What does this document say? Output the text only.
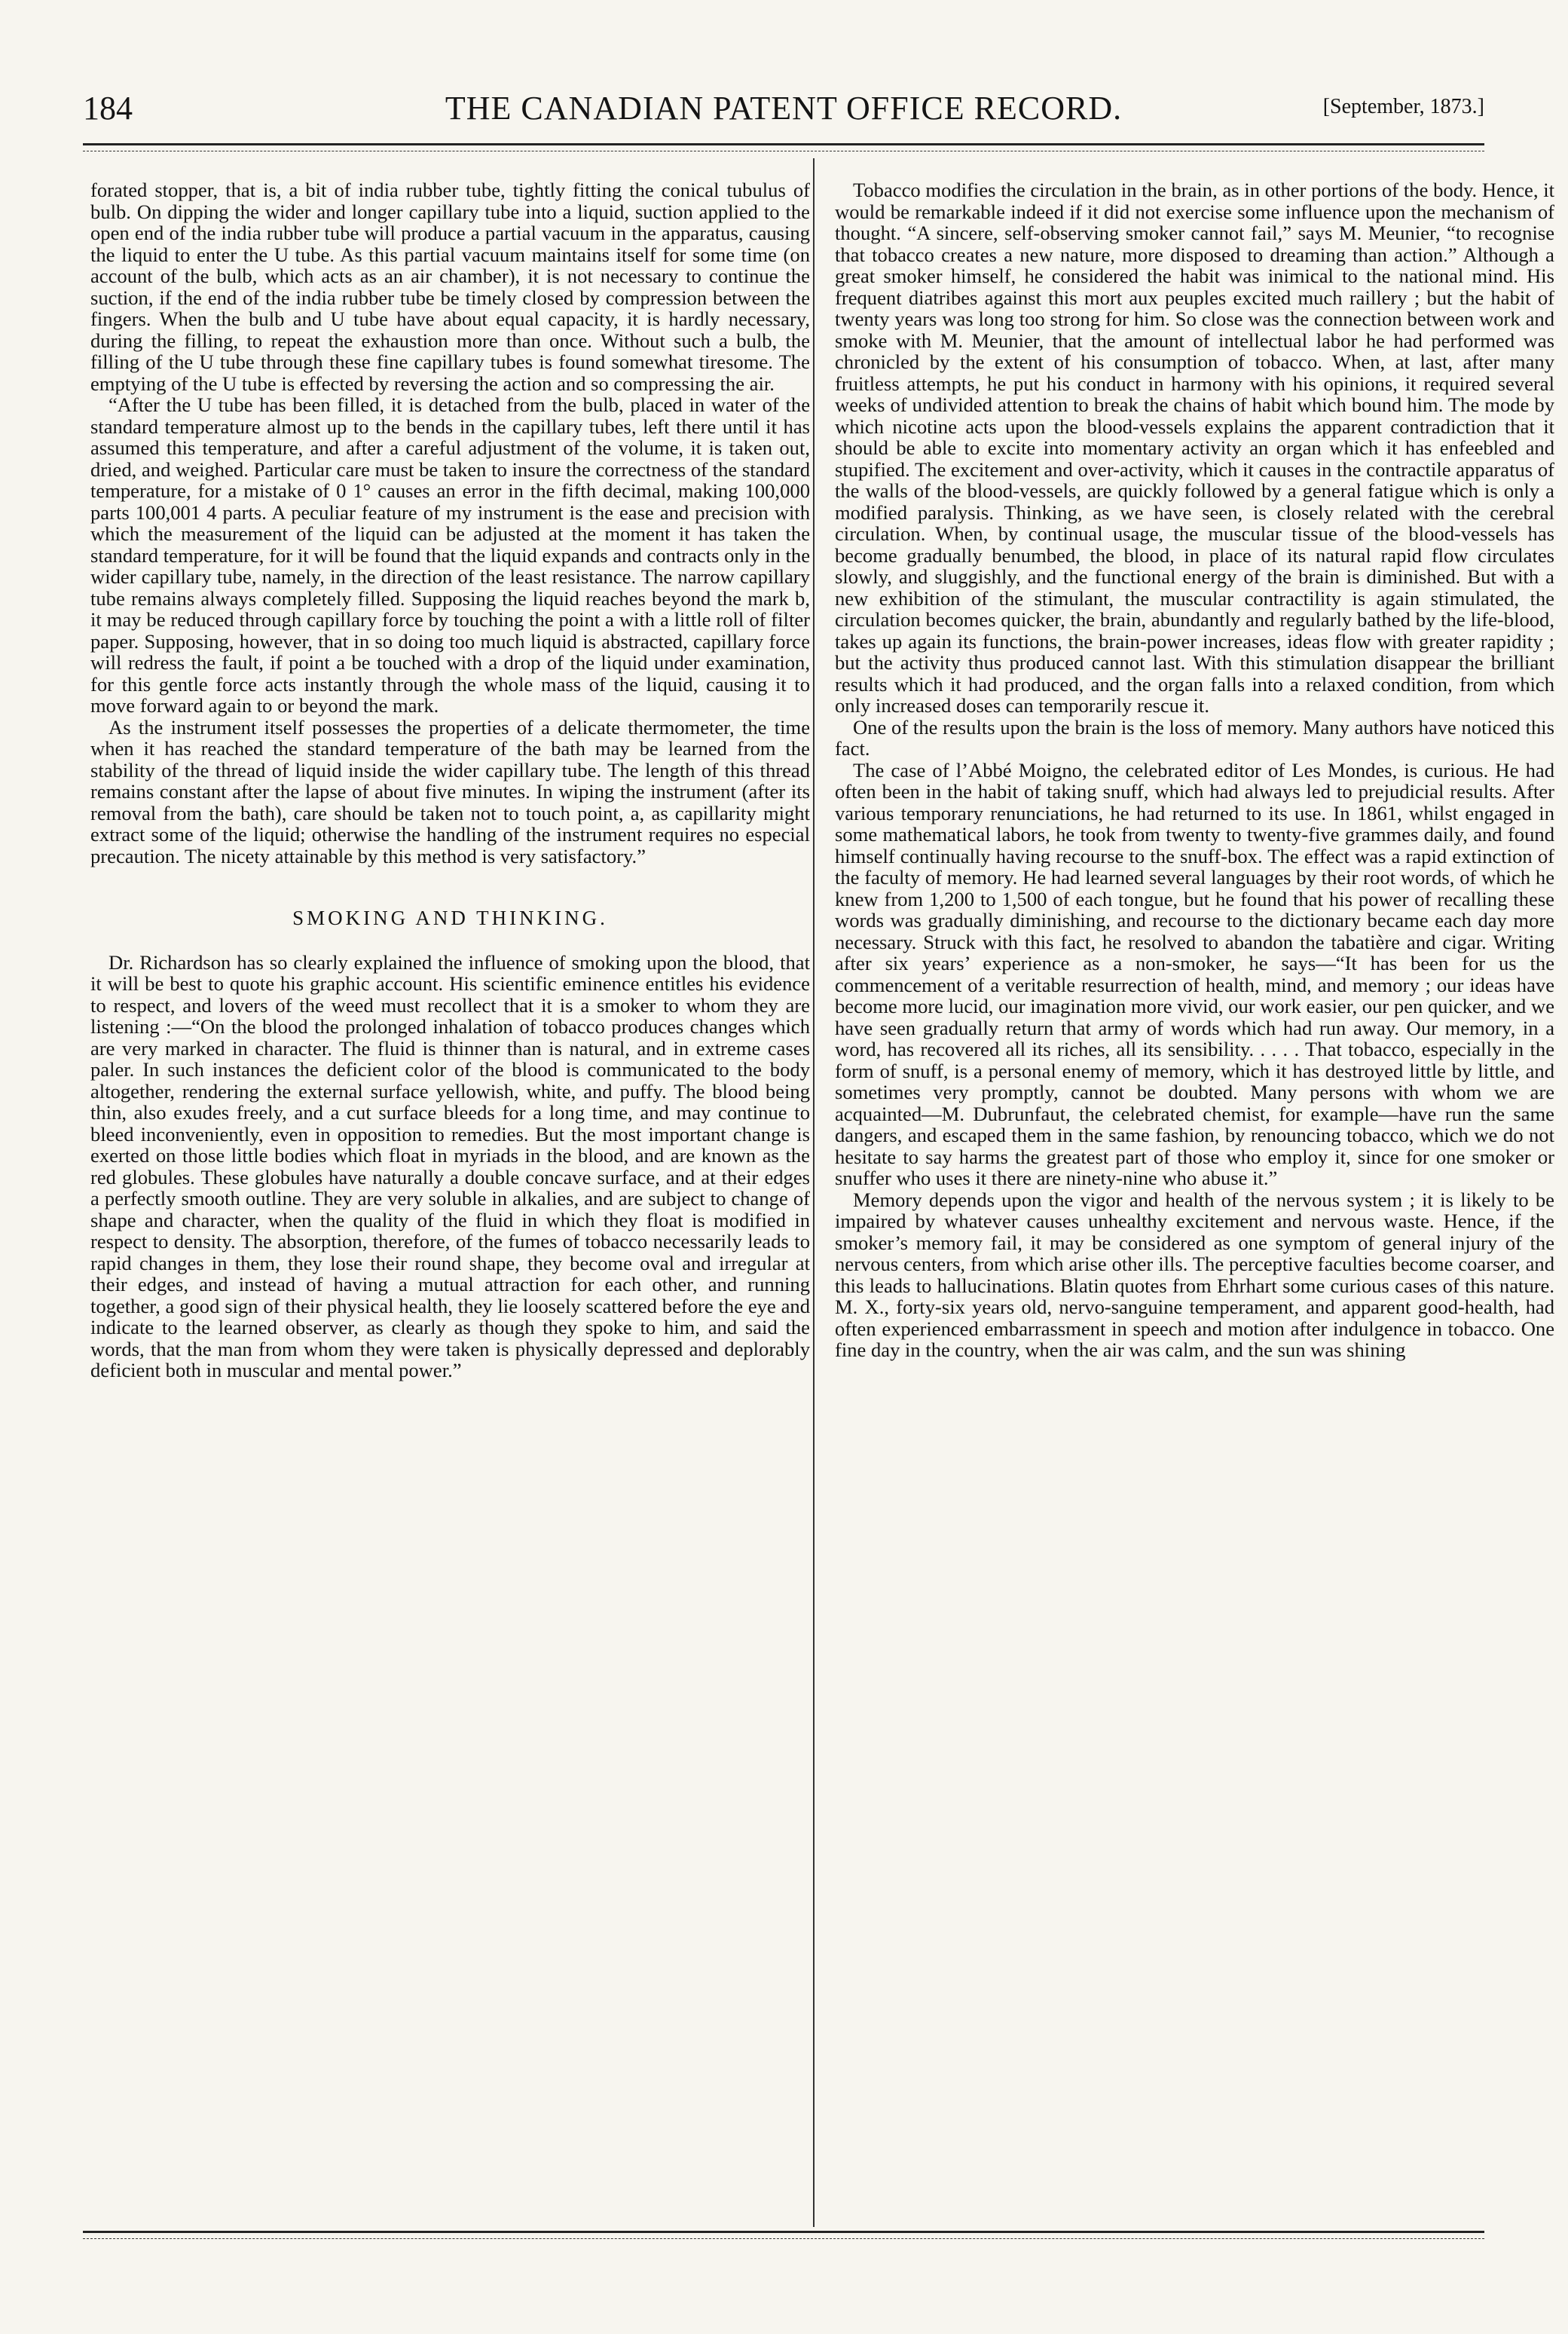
184	THE CANADIAN PATENT OFFICE RECORD.	[September, 1873.]

forated stopper, that is, a bit of india rubber tube, tightly fitting the conical tubulus of bulb. On dipping the wider and longer capillary tube into a liquid, suction applied to the open end of the india rubber tube will produce a partial vacuum in the apparatus, causing the liquid to enter the U tube. As this partial vacuum maintains itself for some time (on account of the bulb, which acts as an air chamber), it is not necessary to continue the suction, if the end of the india rubber tube be timely closed by compression between the fingers. When the bulb and U tube have about equal capacity, it is hardly necessary, during the filling, to repeat the exhaustion more than once. Without such a bulb, the filling of the U tube through these fine capillary tubes is found somewhat tiresome. The emptying of the U tube is effected by reversing the action and so compressing the air.

“After the U tube has been filled, it is detached from the bulb, placed in water of the standard temperature almost up to the bends in the capillary tubes, left there until it has assumed this temperature, and after a careful adjustment of the volume, it is taken out, dried, and weighed. Particular care must be taken to insure the correctness of the standard temperature, for a mistake of 0 1° causes an error in the fifth decimal, making 100,000 parts 100,001 4 parts. A peculiar feature of my instrument is the ease and precision with which the measurement of the liquid can be adjusted at the moment it has taken the standard temperature, for it will be found that the liquid expands and contracts only in the wider capillary tube, namely, in the direction of the least resistance. The narrow capillary tube remains always completely filled. Supposing the liquid reaches beyond the mark b, it may be reduced through capillary force by touching the point a with a little roll of filter paper. Supposing, however, that in so doing too much liquid is abstracted, capillary force will redress the fault, if point a be touched with a drop of the liquid under examination, for this gentle force acts instantly through the whole mass of the liquid, causing it to move forward again to or beyond the mark.

As the instrument itself possesses the properties of a delicate thermometer, the time when it has reached the standard temperature of the bath may be learned from the stability of the thread of liquid inside the wider capillary tube. The length of this thread remains constant after the lapse of about five minutes. In wiping the instrument (after its removal from the bath), care should be taken not to touch point, a, as capillarity might extract some of the liquid; otherwise the handling of the instrument requires no especial precaution. The nicety attainable by this method is very satisfactory.”

SMOKING AND THINKING.

Dr. Richardson has so clearly explained the influence of smoking upon the blood, that it will be best to quote his graphic account. His scientific eminence entitles his evidence to respect, and lovers of the weed must recollect that it is a smoker to whom they are listening :—“On the blood the prolonged inhalation of tobacco produces changes which are very marked in character. The fluid is thinner than is natural, and in extreme cases paler. In such instances the deficient color of the blood is communicated to the body altogether, rendering the external surface yellowish, white, and puffy. The blood being thin, also exudes freely, and a cut surface bleeds for a long time, and may continue to bleed inconveniently, even in opposition to remedies. But the most important change is exerted on those little bodies which float in myriads in the blood, and are known as the red globules. These globules have naturally a double concave surface, and at their edges a perfectly smooth outline. They are very soluble in alkalies, and are subject to change of shape and character, when the quality of the fluid in which they float is modified in respect to density. The absorption, therefore, of the fumes of tobacco necessarily leads to rapid changes in them, they lose their round shape, they become oval and irregular at their edges, and instead of having a mutual attraction for each other, and running together, a good sign of their physical health, they lie loosely scattered before the eye and indicate to the learned observer, as clearly as though they spoke to him, and said the words, that the man from whom they were taken is physically depressed and deplorably deficient both in muscular and mental power.”

Tobacco modifies the circulation in the brain, as in other portions of the body. Hence, it would be remarkable indeed if it did not exercise some influence upon the mechanism of thought. “A sincere, self-observing smoker cannot fail,” says M. Meunier, “to recognise that tobacco creates a new nature, more disposed to dreaming than action.” Although a great smoker himself, he considered the habit was inimical to the national mind. His frequent diatribes against this mort aux peuples excited much raillery ; but the habit of twenty years was long too strong for him. So close was the connection between work and smoke with M. Meunier, that the amount of intellectual labor he had performed was chronicled by the extent of his consumption of tobacco. When, at last, after many fruitless attempts, he put his conduct in harmony with his opinions, it required several weeks of undivided attention to break the chains of habit which bound him. The mode by which nicotine acts upon the blood-vessels explains the apparent contradiction that it should be able to excite into momentary activity an organ which it has enfeebled and stupified. The excitement and over-activity, which it causes in the contractile apparatus of the walls of the blood-vessels, are quickly followed by a general fatigue which is only a modified paralysis. Thinking, as we have seen, is closely related with the cerebral circulation. When, by continual usage, the muscular tissue of the blood-vessels has become gradually benumbed, the blood, in place of its natural rapid flow circulates slowly, and sluggishly, and the functional energy of the brain is diminished. But with a new exhibition of the stimulant, the muscular contractility is again stimulated, the circulation becomes quicker, the brain, abundantly and regularly bathed by the life-blood, takes up again its functions, the brain-power increases, ideas flow with greater rapidity ; but the activity thus produced cannot last. With this stimulation disappear the brilliant results which it had produced, and the organ falls into a relaxed condition, from which only increased doses can temporarily rescue it.

One of the results upon the brain is the loss of memory. Many authors have noticed this fact.

The case of l’Abbé Moigno, the celebrated editor of Les Mondes, is curious. He had often been in the habit of taking snuff, which had always led to prejudicial results. After various temporary renunciations, he had returned to its use. In 1861, whilst engaged in some mathematical labors, he took from twenty to twenty-five grammes daily, and found himself continually having recourse to the snuff-box. The effect was a rapid extinction of the faculty of memory. He had learned several languages by their root words, of which he knew from 1,200 to 1,500 of each tongue, but he found that his power of recalling these words was gradually diminishing, and recourse to the dictionary became each day more necessary. Struck with this fact, he resolved to abandon the tabatière and cigar. Writing after six years’ experience as a non-smoker, he says—“It has been for us the commencement of a veritable resurrection of health, mind, and memory ; our ideas have become more lucid, our imagination more vivid, our work easier, our pen quicker, and we have seen gradually return that army of words which had run away. Our memory, in a word, has recovered all its riches, all its sensibility. . . . . That tobacco, especially in the form of snuff, is a personal enemy of memory, which it has destroyed little by little, and sometimes very promptly, cannot be doubted. Many persons with whom we are acquainted—M. Dubrunfaut, the celebrated chemist, for example—have run the same dangers, and escaped them in the same fashion, by renouncing tobacco, which we do not hesitate to say harms the greatest part of those who employ it, since for one smoker or snuffer who uses it there are ninety-nine who abuse it.”

Memory depends upon the vigor and health of the nervous system ; it is likely to be impaired by whatever causes unhealthy excitement and nervous waste. Hence, if the smoker’s memory fail, it may be considered as one symptom of general injury of the nervous centers, from which arise other ills. The perceptive faculties become coarser, and this leads to hallucinations. Blatin quotes from Ehrhart some curious cases of this nature. M. X., forty-six years old, nervo-sanguine temperament, and apparent good-health, had often experienced embarrassment in speech and motion after indulgence in tobacco. One fine day in the country, when the air was calm, and the sun was shining
